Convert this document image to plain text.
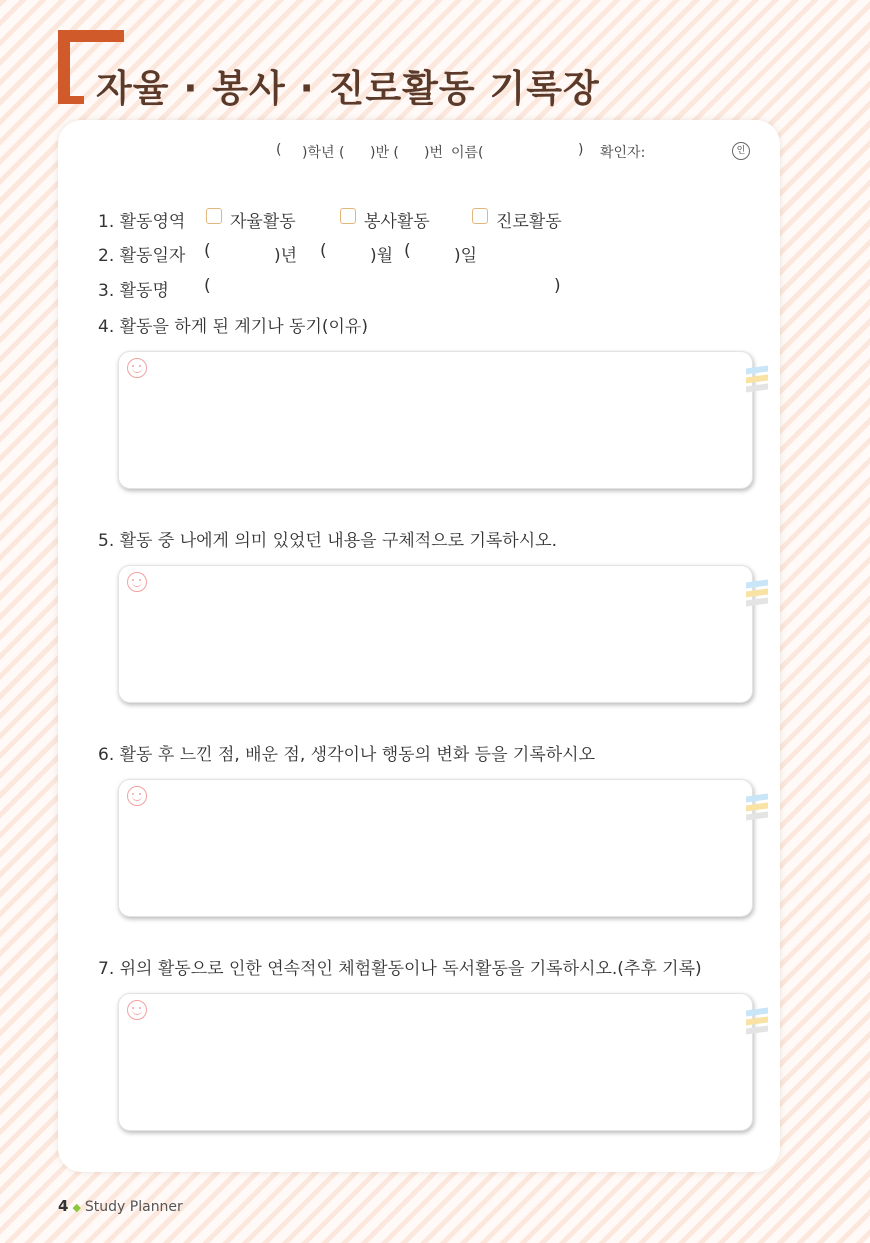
자율 · 봉사 · 진로활동 기록장
( )학년 ( )반 ( )번 이름(	) 확인자:	인
1. 활동영역	자율활동	봉사활동	진로활동
2. 활동일자 (	)년 (	)월 (	)일
3. 활동명 (	)
4. 활동을 하게 된 계기나 동기(이유)
5. 활동 중 나에게 의미 있었던 내용을 구체적으로 기록하시오.
6. 활동 후 느낀 점, 배운 점, 생각이나 행동의 변화 등을 기록하시오
7. 위의 활동으로 인한 연속적인 체험활동이나 독서활동을 기록하시오.(추후 기록)
4 ◆ Study Planner
